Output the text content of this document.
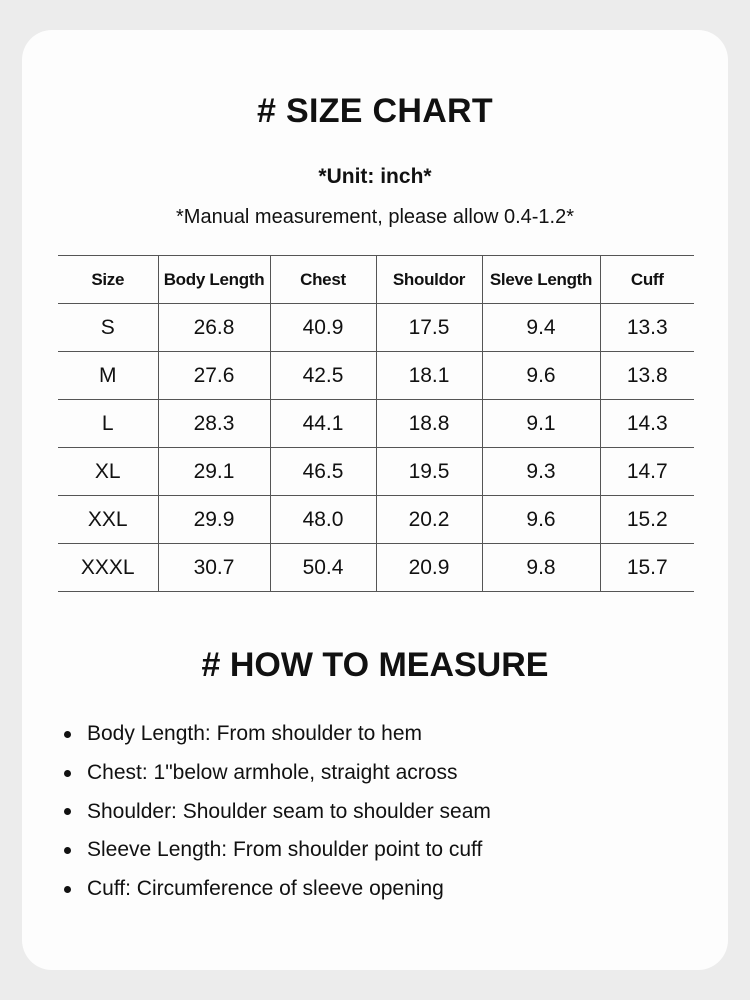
# SIZE CHART
*Unit: inch*
*Manual measurement, please allow 0.4-1.2*
Size	Body Length	Chest	Shouldor	Sleve Length	Cuff
S	26.8	40.9	17.5	9.4	13.3
M	27.6	42.5	18.1	9.6	13.8
L	28.3	44.1	18.8	9.1	14.3
XL	29.1	46.5	19.5	9.3	14.7
XXL	29.9	48.0	20.2	9.6	15.2
XXXL	30.7	50.4	20.9	9.8	15.7
# HOW TO MEASURE
Body Length: From shoulder to hem
Chest: 1"below armhole, straight across
Shoulder: Shoulder seam to shoulder seam
Sleeve Length: From shoulder point to cuff
Cuff: Circumference of sleeve opening
